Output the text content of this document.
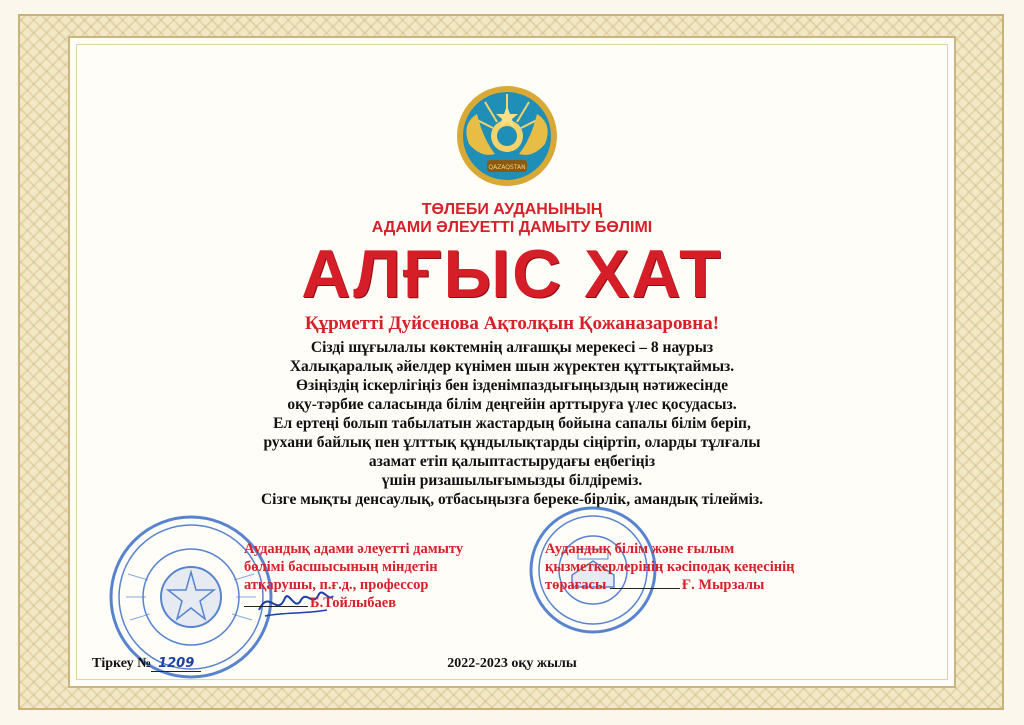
QAZAQSTAN
ТӨЛЕБИ АУДАНЫНЫҢ
АДАМИ ӘЛЕУЕТТІ ДАМЫТУ БӨЛІМІ
АЛҒЫС ХАТ
Құрметті Дуйсенова Ақтолқын Қожаназаровна!

Сізді шұғылалы көктемнің алғашқы мерекесі – 8 наурыз

Халықаралық әйелдер күнімен шын жүректен құттықтаймыз.

Өзіңіздің іскерлігіңіз бен ізденімпаздығыңыздың нәтижесінде

оқу-тәрбие саласында білім деңгейін арттыруға үлес қосудасыз.

Ел ертеңі болып табылатын жастардың бойына сапалы білім беріп,

рухани байлық пен ұлттық құндылықтарды сіңіртіп, оларды тұлғалы

азамат етіп қалыптастырудағы еңбегіңіз

үшін ризашылығымызды білдіреміз.

Сізге мықты денсаулық, отбасыңызға береке-бірлік, амандық тілейміз.

Аудандық адами әлеуетті дамыту

бөлімі басшысының міндетін

атқарушы, п.ғ.д., профессор

Б.Тойлыбаев

Аудандық білім және ғылым

қызметкерлерінің кәсіподақ кеңесінің

төрағасы	Ғ. Мырзалы

Тіркеу № 1209	2022-2023 оқу жылы
